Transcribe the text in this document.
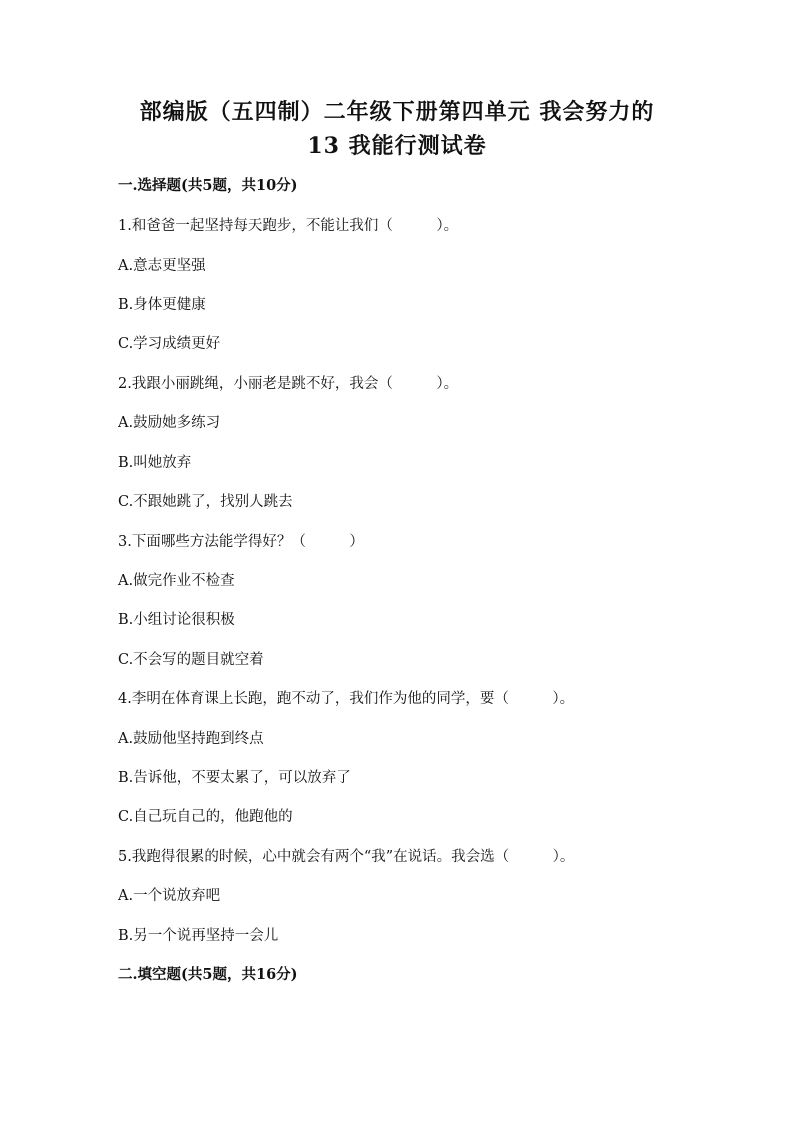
部编版（五四制）二年级下册第四单元 我会努力的
13 我能行测试卷
一.选择题(共5题，共10分)
1.和爸爸一起坚持每天跑步，不能让我们（　　　）。
A.意志更坚强
B.身体更健康
C.学习成绩更好
2.我跟小丽跳绳，小丽老是跳不好，我会（　　　）。
A.鼓励她多练习
B.叫她放弃
C.不跟她跳了，找别人跳去
3.下面哪些方法能学得好？（　　　）
A.做完作业不检查
B.小组讨论很积极
C.不会写的题目就空着
4.李明在体育课上长跑，跑不动了，我们作为他的同学，要（　　　）。
A.鼓励他坚持跑到终点
B.告诉他，不要太累了，可以放弃了
C.自己玩自己的，他跑他的
5.我跑得很累的时候，心中就会有两个“我”在说话。我会选（　　　）。
A.一个说放弃吧
B.另一个说再坚持一会儿
二.填空题(共5题，共16分)
